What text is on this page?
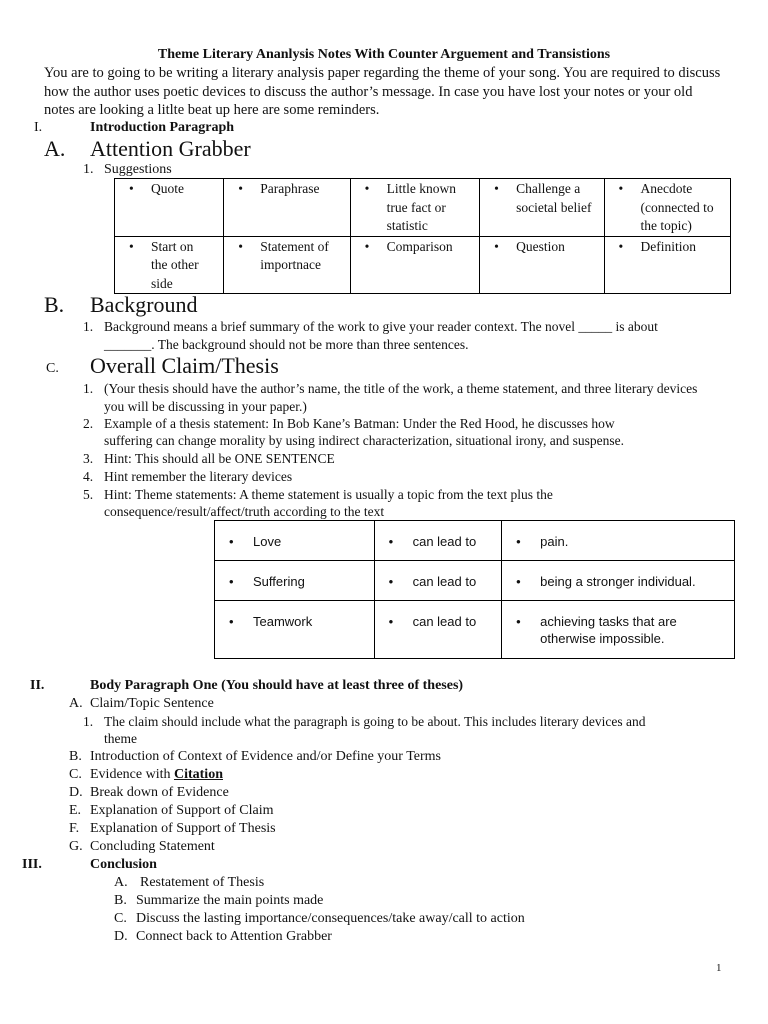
Theme Literary Ananlysis Notes With Counter Arguement and Transistions
You are to going to be writing a literary analysis paper regarding the theme of your song. You are required to discuss how the author uses poetic devices to discuss the author’s message. In case you have lost your notes or your old notes are looking a litlte beat up here are some reminders.
I.	Introduction Paragraph
A. Attention Grabber
1. Suggestions
• Quote	• Paraphrase	• Little known true fact or statistic	• Challenge a societal belief	• Anecdote (connected to the topic)
• Start on the other side	• Statement of importnace	• Comparison	• Question	• Definition
B. Background
1. Background means a brief summary of the work to give your reader context. The novel _____ is about
_______. The background should not be more than three sentences.
C. Overall Claim/Thesis
1. (Your thesis should have the author’s name, the title of the work, a theme statement, and three literary devices
you will be discussing in your paper.)
2. Example of a thesis statement: In Bob Kane’s Batman: Under the Red Hood, he discusses how
suffering can change morality by using indirect characterization, situational irony, and suspense.
3. Hint: This should all be ONE SENTENCE
4. Hint remember the literary devices
5. Hint: Theme statements: A theme statement is usually a topic from the text plus the
consequence/result/affect/truth according to the text
• Love	• can lead to	• pain.
• Suffering	• can lead to	• being a stronger individual.
• Teamwork	• can lead to	• achieving tasks that are otherwise impossible.
II.	Body Paragraph One (You should have at least three of theses)
A. Claim/Topic Sentence
1. The claim should include what the paragraph is going to be about. This includes literary devices and
theme
B. Introduction of Context of Evidence and/or Define your Terms
C. Evidence with Citation
D. Break down of Evidence
E. Explanation of Support of Claim
F. Explanation of Support of Thesis
G. Concluding Statement
III.	Conclusion
A. Restatement of Thesis
B. Summarize the main points made
C. Discuss the lasting importance/consequences/take away/call to action
D. Connect back to Attention Grabber
1
